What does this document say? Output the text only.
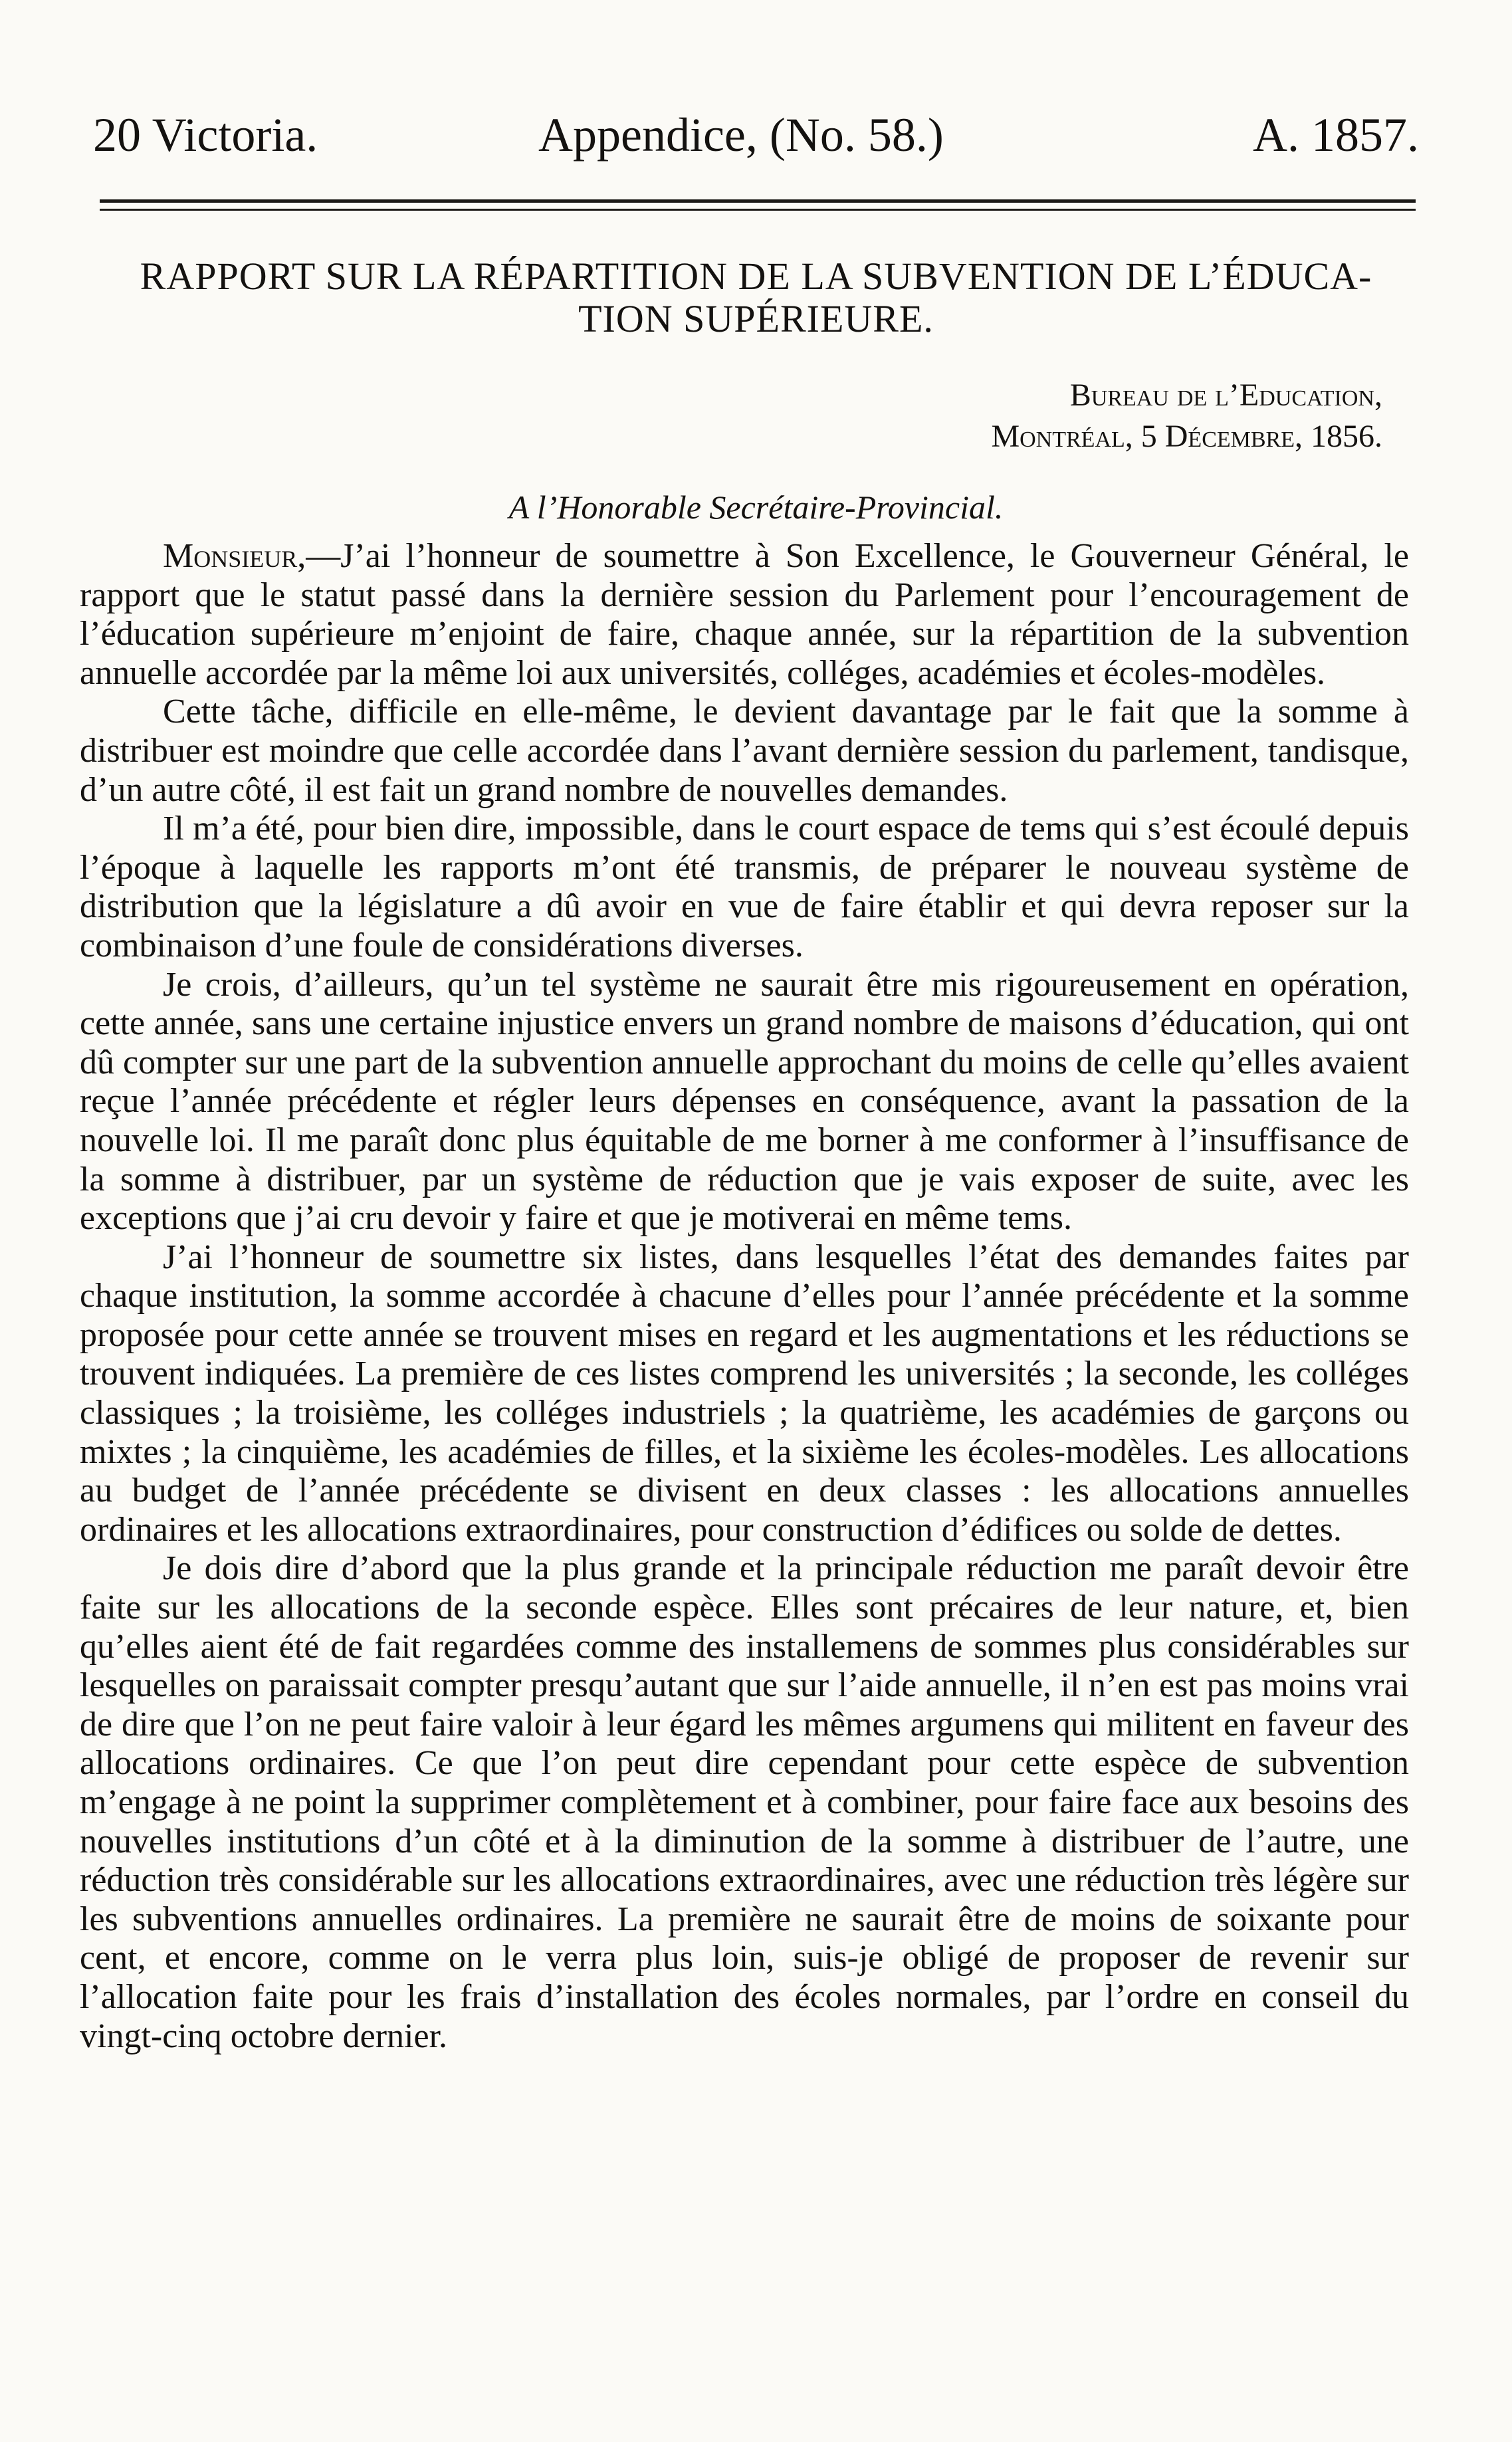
20 Victoria.	Appendice, (No. 58.)	A. 1857.
RAPPORT SUR LA RÉPARTITION DE LA SUBVENTION DE L’ÉDUCA-
TION SUPÉRIEURE.
Bureau de l’Education,
Montréal, 5 Décembre, 1856.
A l’Honorable Secrétaire-Provincial.

Monsieur,—J’ai l’honneur de soumettre à Son Excellence, le Gouverneur Général, le rapport que le statut passé dans la dernière session du Parlement pour l’encouragement de l’éducation supérieure m’enjoint de faire, chaque année, sur la répartition de la subvention annuelle accordée par la même loi aux universités, colléges, académies et écoles-modèles.

Cette tâche, difficile en elle-même, le devient davantage par le fait que la somme à distribuer est moindre que celle accordée dans l’avant dernière session du parlement, tandisque, d’un autre côté, il est fait un grand nombre de nouvelles demandes.

Il m’a été, pour bien dire, impossible, dans le court espace de tems qui s’est écoulé depuis l’époque à laquelle les rapports m’ont été transmis, de préparer le nouveau système de distribution que la législature a dû avoir en vue de faire établir et qui devra reposer sur la combinaison d’une foule de considérations diverses.

Je crois, d’ailleurs, qu’un tel système ne saurait être mis rigoureusement en opération, cette année, sans une certaine injustice envers un grand nombre de maisons d’éducation, qui ont dû compter sur une part de la subvention annuelle approchant du moins de celle qu’elles avaient reçue l’année précédente et régler leurs dépenses en conséquence, avant la passation de la nouvelle loi. Il me paraît donc plus équitable de me borner à me conformer à l’insuffisance de la somme à distribuer, par un système de réduction que je vais exposer de suite, avec les exceptions que j’ai cru devoir y faire et que je motiverai en même tems.

J’ai l’honneur de soumettre six listes, dans lesquelles l’état des demandes faites par chaque institution, la somme accordée à chacune d’elles pour l’année précédente et la somme proposée pour cette année se trouvent mises en regard et les augmentations et les réductions se trouvent indiquées. La première de ces listes comprend les universités ; la seconde, les colléges classiques ; la troisième, les colléges industriels ; la quatrième, les académies de garçons ou mixtes ; la cinquième, les académies de filles, et la sixième les écoles-modèles. Les allocations au budget de l’année précédente se divisent en deux classes : les allocations annuelles ordinaires et les allocations extraordinaires, pour construction d’édifices ou solde de dettes.

Je dois dire d’abord que la plus grande et la principale réduction me paraît devoir être faite sur les allocations de la seconde espèce. Elles sont précaires de leur nature, et, bien qu’elles aient été de fait regardées comme des installemens de sommes plus considérables sur lesquelles on paraissait compter presqu’autant que sur l’aide annuelle, il n’en est pas moins vrai de dire que l’on ne peut faire valoir à leur égard les mêmes argumens qui militent en faveur des allocations ordinaires. Ce que l’on peut dire cependant pour cette espèce de subvention m’engage à ne point la supprimer complètement et à combiner, pour faire face aux besoins des nouvelles institutions d’un côté et à la diminution de la somme à distribuer de l’autre, une réduction très considérable sur les allocations extraordinaires, avec une réduction très légère sur les subventions annuelles ordinaires. La première ne saurait être de moins de soixante pour cent, et encore, comme on le verra plus loin, suis-je obligé de proposer de revenir sur l’allocation faite pour les frais d’installation des écoles normales, par l’ordre en conseil du vingt-cinq octobre dernier.
